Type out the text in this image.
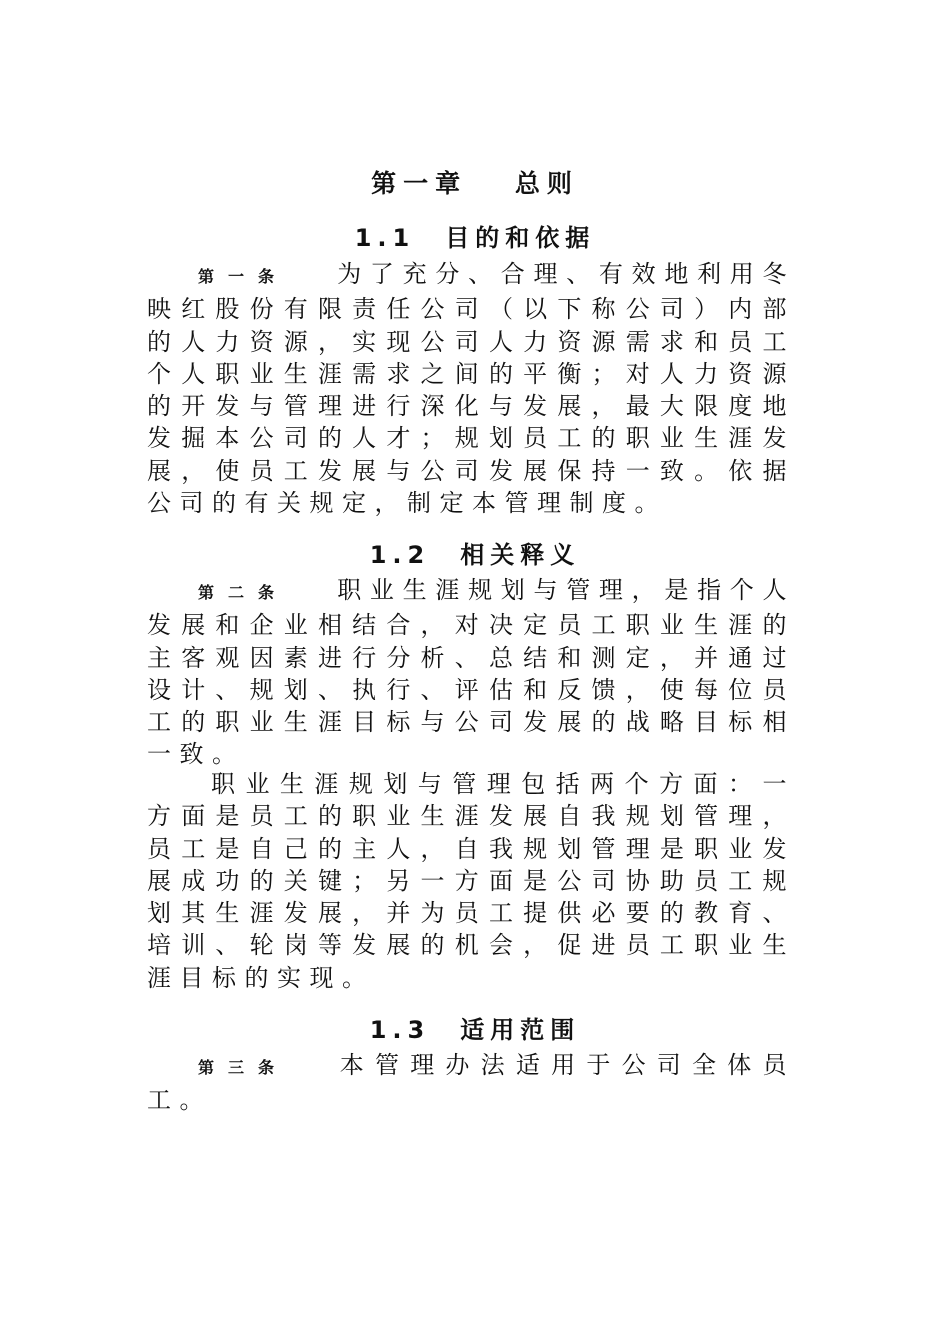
第一章　 总则
1.1　目的和依据

第一条 为了充分、合理、有效地利用冬映红股份有限责任公司（以下称公司）内部的人力资源，实现公司人力资源需求和员工个人职业生涯需求之间的平衡；对人力资源的开发与管理进行深化与发展，最大限度地发掘本公司的人才；规划员工的职业生涯发展，使员工发展与公司发展保持一致。依据公司的有关规定，制定本管理制度。

1.2　相关释义

第二条 职业生涯规划与管理，是指个人发展和企业相结合，对决定员工职业生涯的主客观因素进行分析、总结和测定，并通过设计、规划、执行、评估和反馈，使每位员工的职业生涯目标与公司发展的战略目标相一致。

职业生涯规划与管理包括两个方面：一方面是员工的职业生涯发展自我规划管理，员工是自己的主人，自我规划管理是职业发展成功的关键；另一方面是公司协助员工规划其生涯发展，并为员工提供必要的教育、培训、轮岗等发展的机会，促进员工职业生涯目标的实现。

1.3　适用范围

第三条 本管理办法适用于公司全体员工。
